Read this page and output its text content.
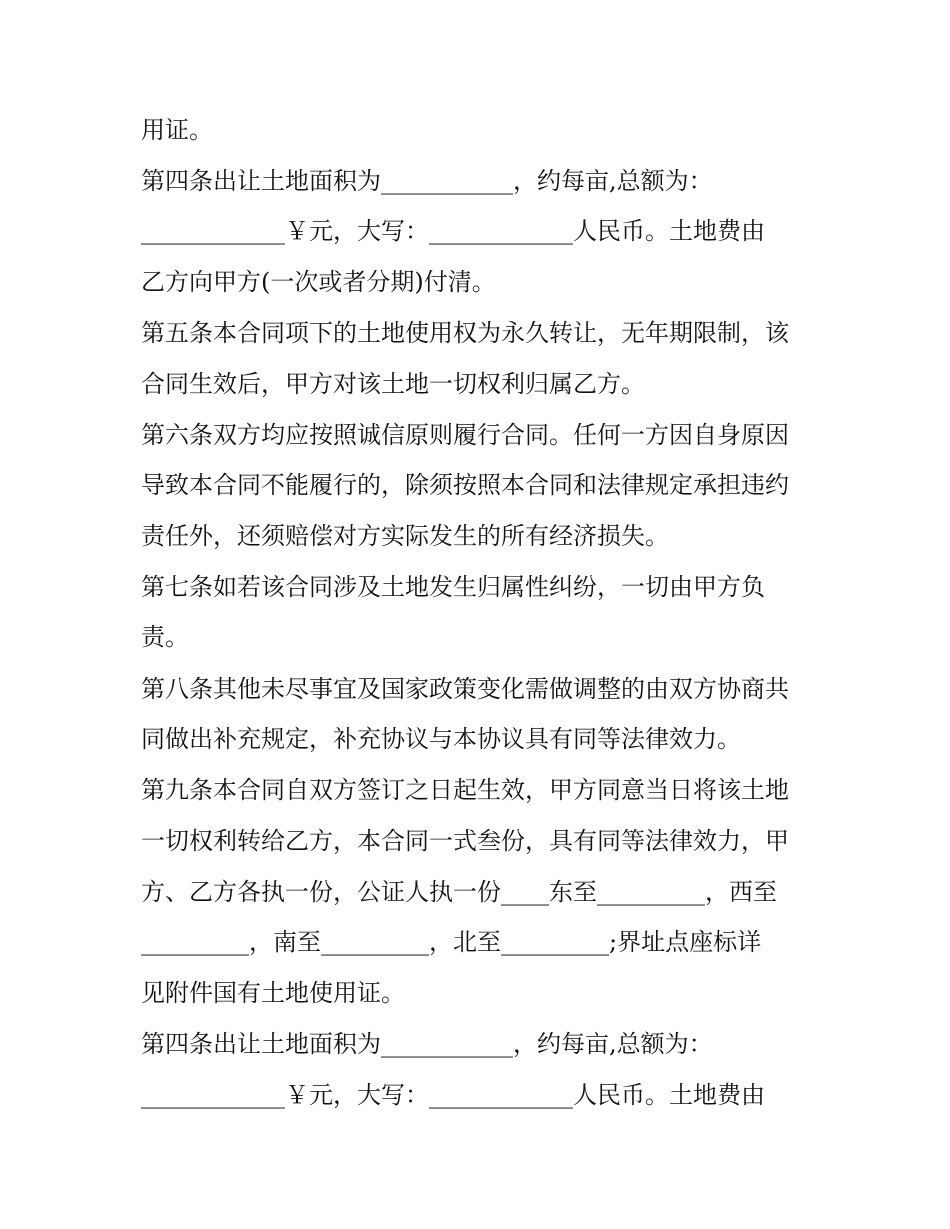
用证。

第四条出让土地面积为___________，约每亩,总额为：

____________￥元，大写：____________人民币。土地费由

乙方向甲方(一次或者分期)付清。

第五条本合同项下的土地使用权为永久转让，无年期限制，该

合同生效后，甲方对该土地一切权利归属乙方。

第六条双方均应按照诚信原则履行合同。任何一方因自身原因

导致本合同不能履行的，除须按照本合同和法律规定承担违约

责任外，还须赔偿对方实际发生的所有经济损失。

第七条如若该合同涉及土地发生归属性纠纷，一切由甲方负

责。

第八条其他未尽事宜及国家政策变化需做调整的由双方协商共

同做出补充规定，补充协议与本协议具有同等法律效力。

第九条本合同自双方签订之日起生效，甲方同意当日将该土地

一切权利转给乙方，本合同一式叁份，具有同等法律效力，甲

方、乙方各执一份，公证人执一份____东至_________，西至

_________，南至_________，北至_________;界址点座标详

见附件国有土地使用证。

第四条出让土地面积为___________，约每亩,总额为：

____________￥元，大写：____________人民币。土地费由
